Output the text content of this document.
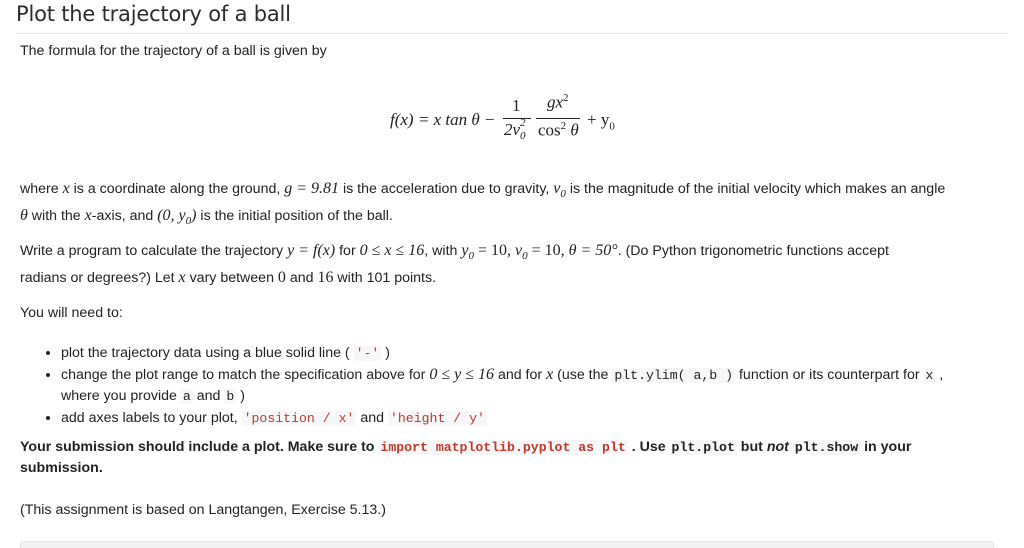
Plot the trajectory of a ball

The formula for the trajectory of a ball is given by

f(x) = x tan θ −
1
2v 2
0
$gx^2$
$\cos^2 \theta$
+ $y_0$

where x is a coordinate along the ground, g = 9.81 is the acceleration due to gravity, $v_0$ is the magnitude of the initial velocity which makes an angle
θ with the x-axis, and (0, $y_0$) is the initial position of the ball.

Write a program to calculate the trajectory y = f(x) for 0 ≤ x ≤ 16, with $y_0 = 10$, $v_0 = 10$, θ = 50°. (Do Python trigonometric functions accept
radians or degrees?) Let x vary between 0 and 16 with 101 points.

You will need to:

• plot the trajectory data using a blue solid line ( '-' )
• change the plot range to match the specification above for 0 ≤ y ≤ 16 and for x (use the plt.ylim( a,b ) function or its counterpart for x ,
where you provide a and b )
• add axes labels to your plot, 'position / x' and 'height / y'

Your submission should include a plot. Make sure to import matplotlib.pyplot as plt . Use plt.plot but not plt.show in your
submission.

(This assignment is based on Langtangen, Exercise 5.13.)
